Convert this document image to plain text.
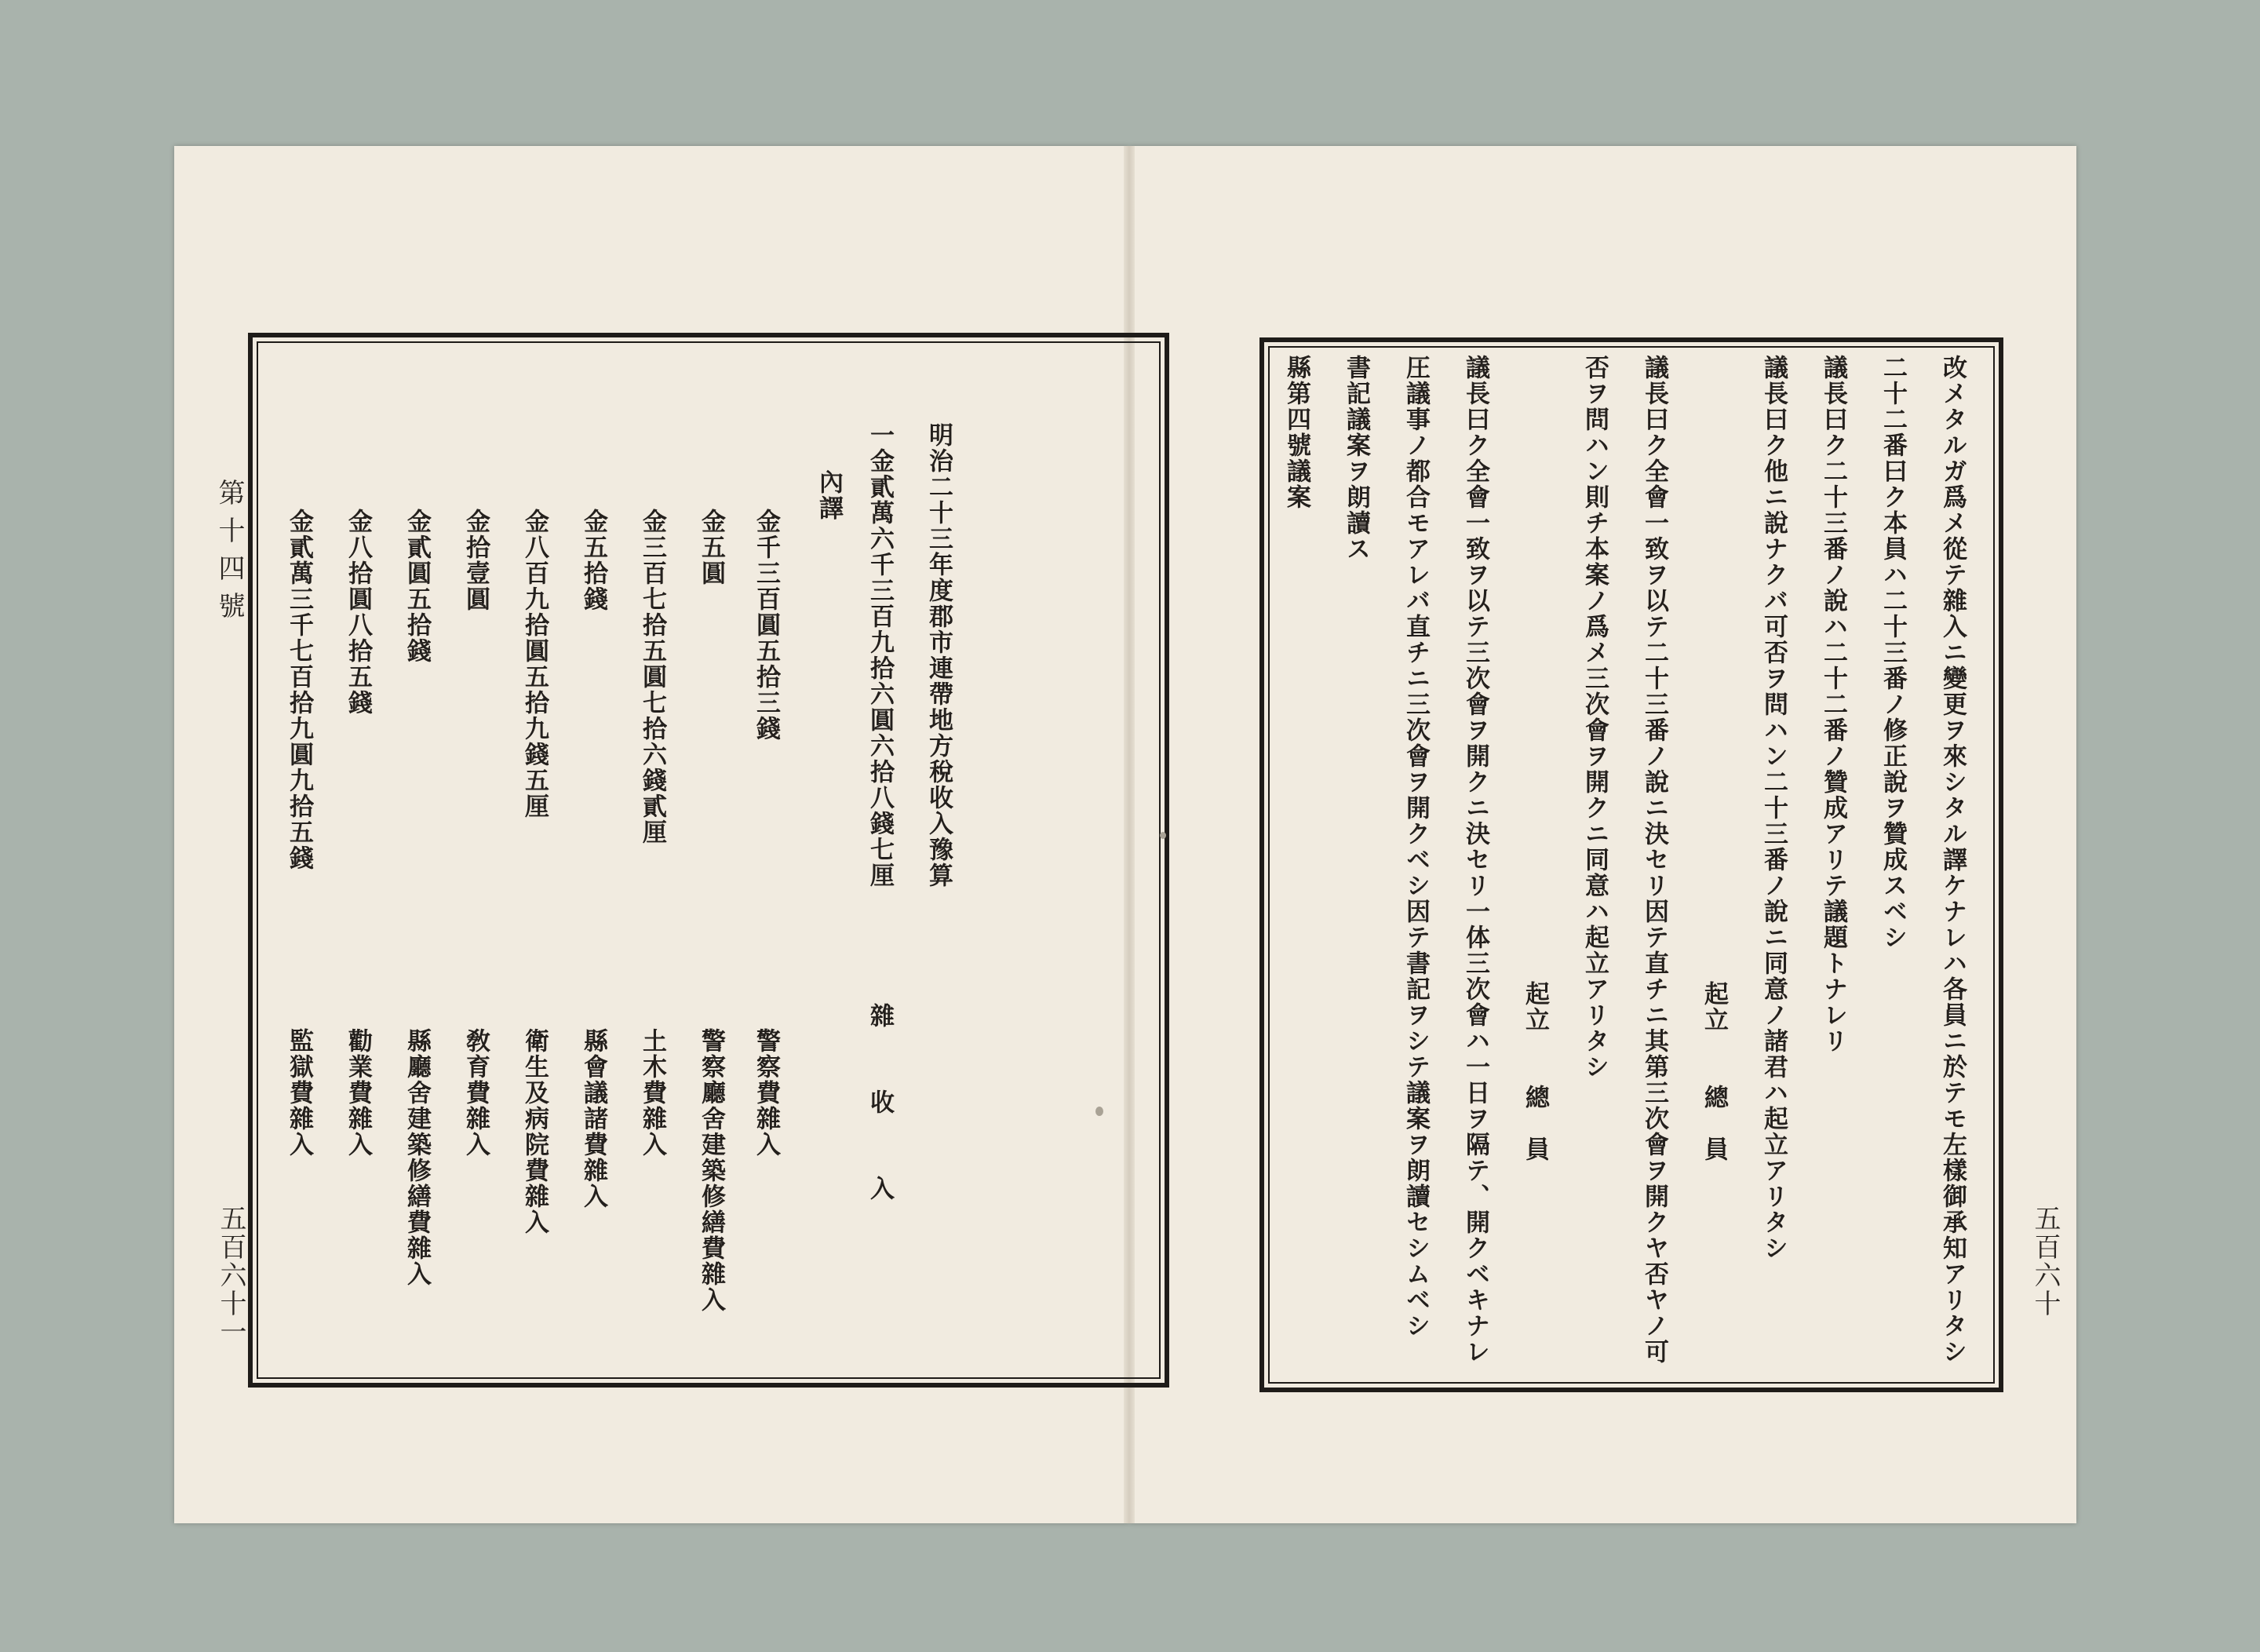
第十四號
五百六十一
明治二十三年度郡市連帶地方稅收入豫算
一金貳萬六千三百九拾六圓六拾八錢七厘
雜　收　入
內譯
金千三百圓五拾三錢
警察費雜入
金五圓
警察廳舍建築修繕費雜入
金三百七拾五圓七拾六錢貳厘
土木費雜入
金五拾錢
縣會議諸費雜入
金八百九拾圓五拾九錢五厘
衛生及病院費雜入
金拾壹圓
敎育費雜入
金貳圓五拾錢
縣廳舍建築修繕費雜入
金八拾圓八拾五錢
勸業費雜入
金貳萬三千七百拾九圓九拾五錢
監獄費雜入
五百六十
改メタルガ爲メ從テ雜入ニ變更ヲ來シタル譯ケナレハ各員ニ於テモ左樣御承知アリタシ
二十二番曰ク本員ハ二十三番ノ修正說ヲ贊成スベシ
議長曰ク二十三番ノ說ハ二十二番ノ贊成アリテ議題トナレリ
議長曰ク他ニ說ナクバ可否ヲ問ハン二十三番ノ說ニ同意ノ諸君ハ起立アリタシ
起立　　總　員
議長曰ク全會一致ヲ以テ二十三番ノ說ニ決セリ因テ直チニ其第三次會ヲ開クヤ否ヤノ可
否ヲ問ハン則チ本案ノ爲メ三次會ヲ開クニ同意ハ起立アリタシ
起立　　總　員
議長曰ク全會一致ヲ以テ三次會ヲ開クニ決セリ一体三次會ハ一日ヲ隔テ、開クベキナレ
圧議事ノ都合モアレバ直チニ三次會ヲ開クベシ因テ書記ヲシテ議案ヲ朗讀セシムベシ
書記議案ヲ朗讀ス
縣第四號議案
